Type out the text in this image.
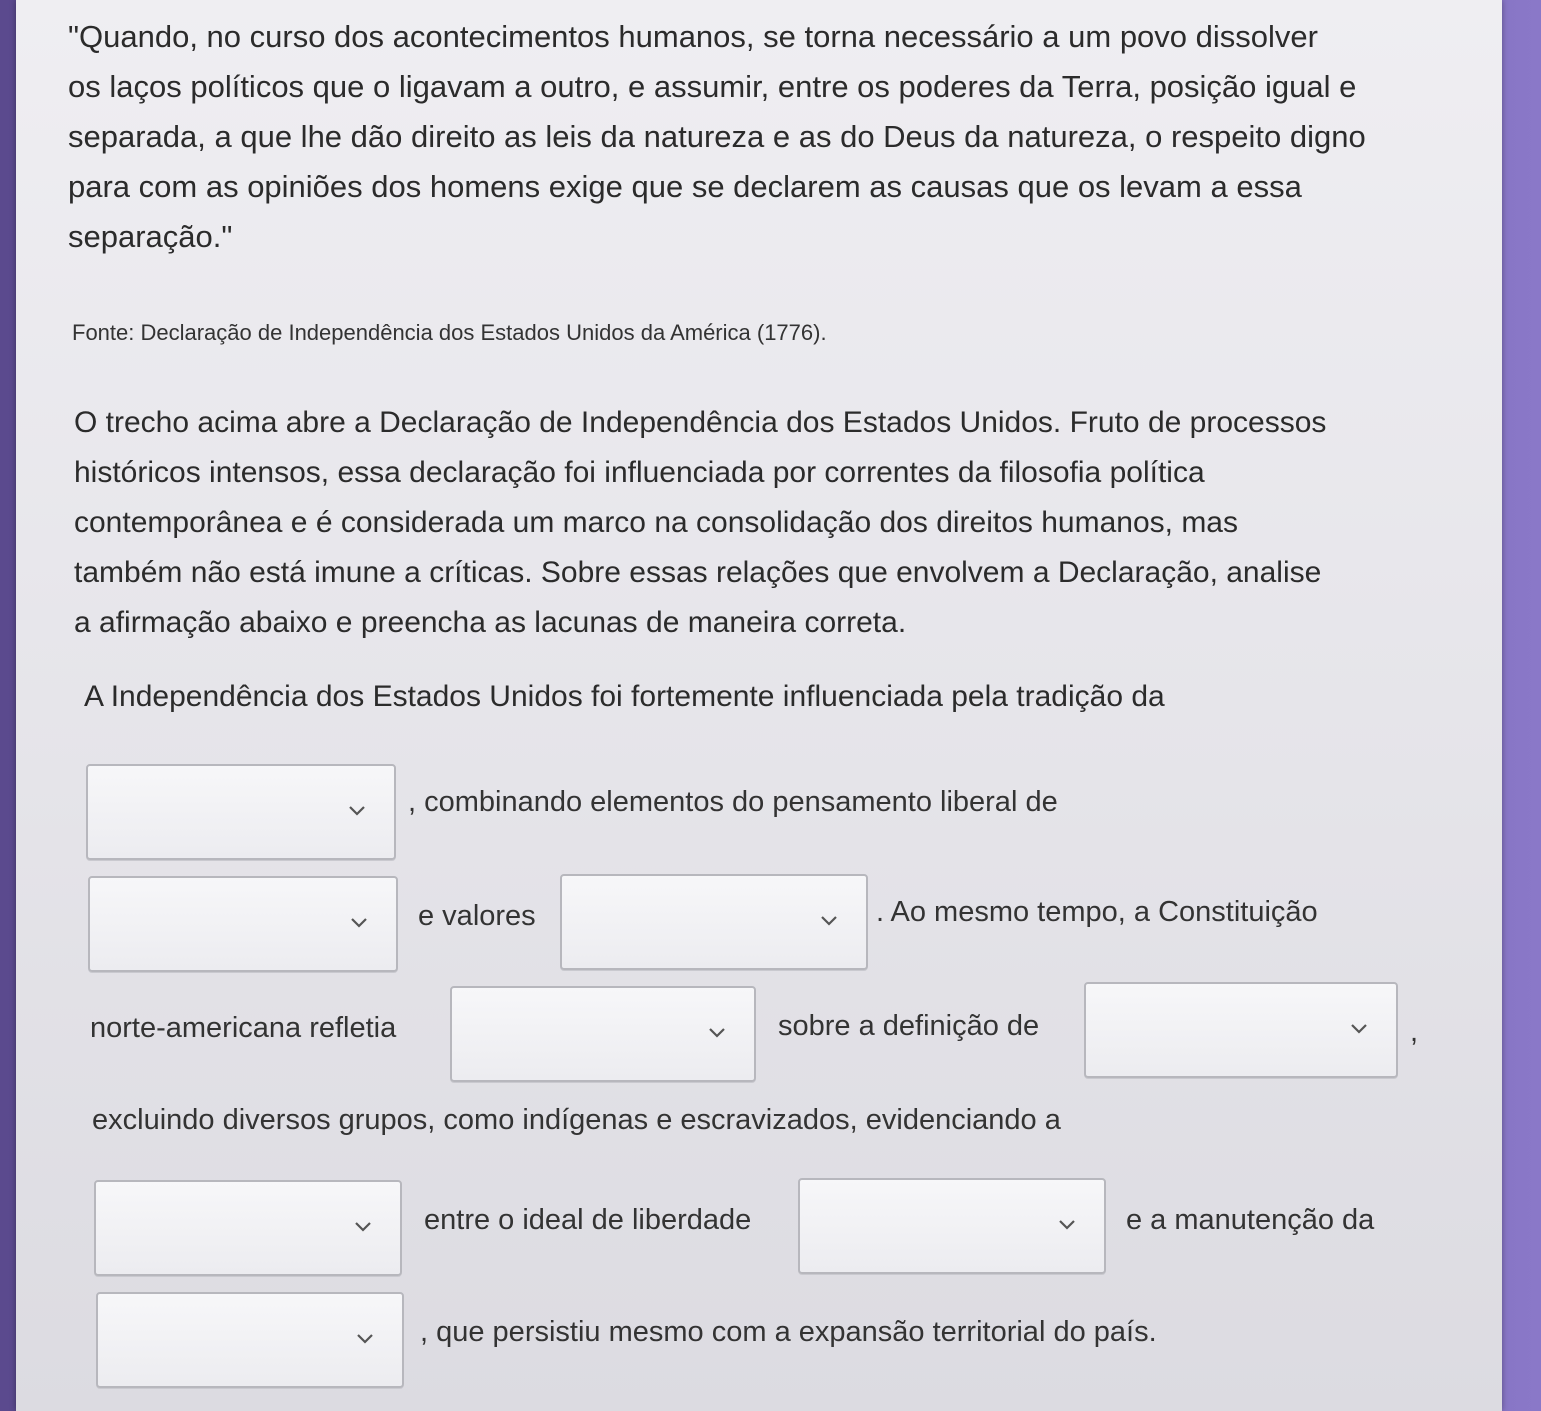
"Quando, no curso dos acontecimentos humanos, se torna necessário a um povo dissolver

os laços políticos que o ligavam a outro, e assumir, entre os poderes da Terra, posição igual e

separada, a que lhe dão direito as leis da natureza e as do Deus da natureza, o respeito digno

para com as opiniões dos homens exige que se declarem as causas que os levam a essa

separação."

Fonte: Declaração de Independência dos Estados Unidos da América (1776).

O trecho acima abre a Declaração de Independência dos Estados Unidos. Fruto de processos

históricos intensos, essa declaração foi influenciada por correntes da filosofia política

contemporânea e é considerada um marco na consolidação dos direitos humanos, mas

também não está imune a críticas. Sobre essas relações que envolvem a Declaração, analise

a afirmação abaixo e preencha as lacunas de maneira correta.

A Independência dos Estados Unidos foi fortemente influenciada pela tradição da
, combinando elementos do pensamento liberal de
e valores	. Ao mesmo tempo, a Constituição
norte-americana refletia	sobre a definição de	,
excluindo diversos grupos, como indígenas e escravizados, evidenciando a
entre o ideal de liberdade	e a manutenção da
, que persistiu mesmo com a expansão territorial do país.
